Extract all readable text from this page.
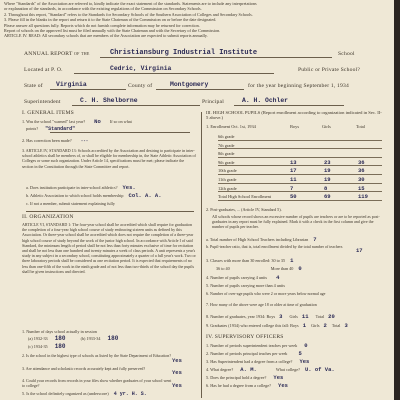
Where "Standards" of the Association are referred to, kindly indicate the exact statement of the standards. Statements are to include any interpretations
or explanation of the standards, in accordance with the existing regulations of the Commission on Secondary Schools.
2. Throughout this report, "Standard" refers to the Standards for Secondary Schools of the Southern Association of Colleges and Secondary Schools.
3. Please fill in the blanks in the report and return it to the State Chairman of the Commission on or before the date designated.
Please answer all questions fully. Reports which do not furnish complete information may be returned for correction.
Report of schools on the approved list must be filed annually with the State Chairman and with the Secretary of the Commission.
ARTICLE IV. READ: All secondary schools that are members of the Association are expected to submit reports annually.
ANNUAL REPORT of the	Christiansburg Industrial Institute	School
Located at P. O.	Cedric, Virginia	Public or Private School?
State of Virginia	County of	Montgomery	for the year beginning September 1, 1934
Superintendent	C. H. Shelborne	Principal	A. H. Ochler
I. GENERAL ITEMS
1. Was the school "warned" last year? No If so on what
points? "Standard"
2. Has correction been made? ---
3. ARTICLE IV, STANDARD 13: Schools accredited by the Association and desiring to participate in inter-school athletics shall be members of, or shall be eligible for membership in, the State Athletic Association of Colleges or some such organization. Under Article 14, specifications must be met; please indicate the section in the Constitution through the State Committee and report.
a. Does institution participate in inter-school athletics? Yes.
b. Athletic Association to which school holds membership Col. A. A.
c. If not a member, submit statement explaining fully
II. ORGANIZATION
ARTICLE VI, STANDARD 1: The four-year school shall be accredited which shall require for graduation the completion of a four-year high school course of study embracing sixteen units as defined by this Association. Or three-year school shall be accredited which does not require the completion of a three-year high school course of study beyond the work of the junior high school. In accordance with Article I of said Standard, the minimum length of period shall be not less than forty minutes exclusive of time for recitation and shall be not less than one hundred and twenty minutes a week of class periods. A unit represents a year's study in any subject in a secondary school, constituting approximately a quarter of a full year's work. Two or three laboratory periods shall be considered as one recitation period. It is expected that requirements of no less than one-fifth of the work in the ninth grade and of not less than two-thirds of the school day the pupils shall be given instructions and directed.
1. Number of days school actually in session
(a) 1932-33 180	(b) 1933-34 180
(c) 1934-35 180
2. Is the school in the highest type of schools as listed by the State Department of Education?
Yes
3. Are attendance and scholastic records accurately kept and fully preserved?
Yes
4. Could your records from records in your files show whether graduates of your school went to college?	Yes
5. Is the school definitely organized as (underscore) 4 yr. H. S.
III. HIGH SCHOOL PUPILS (Report enrollment according to organization indicated in Sec. II-5 above.)
1. Enrollment Oct. 1st, 1934	Boys	Girls	Total
6th grade
7th grade
8th grade
9th grade	13	23	36
10th grade	17	19	36
11th grade	11	19	30
12th grade	7	8	15
Total High School Enrollment	50	69	119
2. Post-graduates, ... (Article IV, Standard 5).
All schools whose record shows an excessive number of pupils are teachers or are to be reported as post-graduates in any report must be fully explained. Mark it with a check in the first column and give the number of pupils per teacher.
a. Total number of High School Teachers including Librarian 7
b. Pupil-teacher ratio, that is, total enrollment divided by the total number of teachers
17
3. Classes with more than 30 enrolled: 30 to 35 1
36 to 40	More than 40 0
4. Number of pupils carrying 4 units 4
5. Number of pupils carrying more than 4 units
6. Number of over-age pupils who were 2 or more years below normal age
7. How many of the above were age 18 or older at time of graduation
8. Number of graduates, year 1934: Boys 3 Girls 11 Total 20
9. Graduates (1934) who entered college this fall: Boys 1 Girls 2 Total 3
IV. SUPERVISORY OFFICERS
1. Number of periods superintendent teaches per week 0
2. Number of periods principal teaches per week 5
3. Has Superintendent had a degree from a college? Yes
4. What degree? A. M.	What college? U. of Va.
5. Does the principal hold a degree? Yes
6. Has he had a degree from a college? Yes
